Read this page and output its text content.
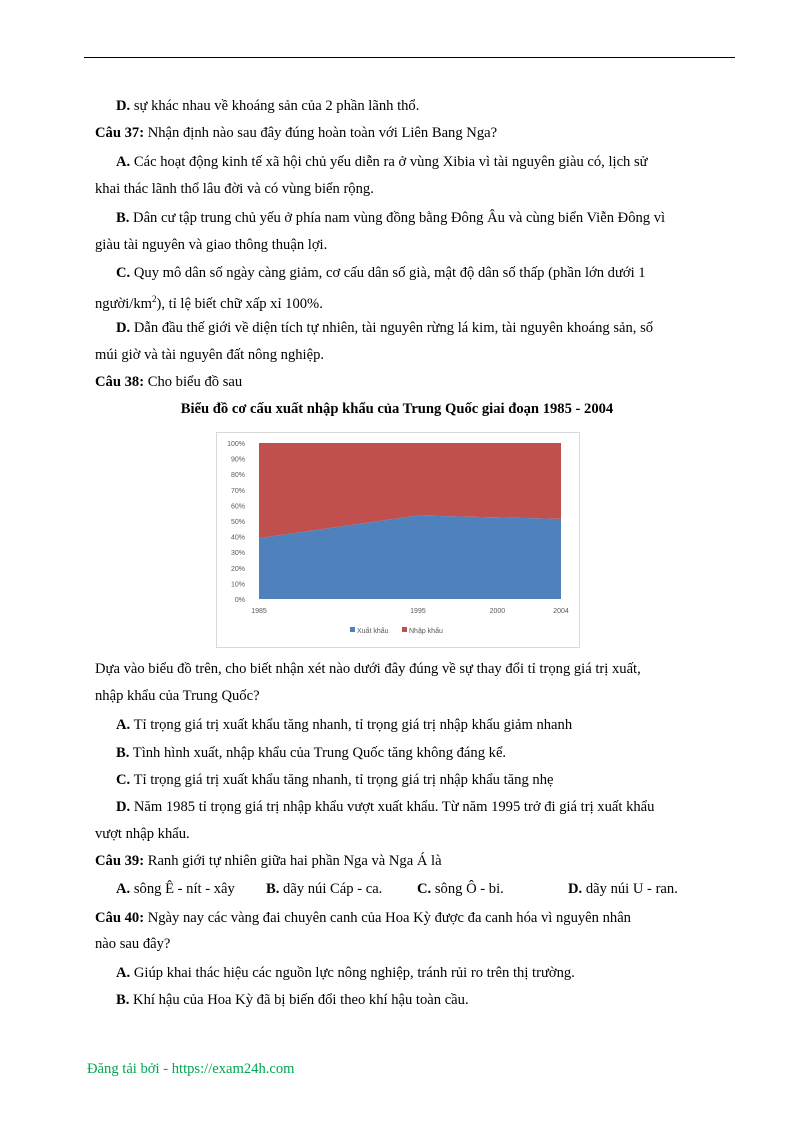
D. sự khác nhau về khoáng sản của 2 phần lãnh thổ.
Câu 37: Nhận định nào sau đây đúng hoàn toàn với Liên Bang Nga?
A. Các hoạt động kinh tế xã hội chủ yếu diễn ra ở vùng Xibia vì tài nguyên giàu có, lịch sử
khai thác lãnh thổ lâu đời và có vùng biển rộng.
B. Dân cư tập trung chủ yếu ở phía nam vùng đồng bằng Đông Âu và cùng biển Viễn Đông vì
giàu tài nguyên và giao thông thuận lợi.
C. Quy mô dân số ngày càng giảm, cơ cấu dân số già, mật độ dân số thấp (phần lớn dưới 1
người/$km^2$), tỉ lệ biết chữ xấp xỉ 100%.
D. Dẫn đầu thế giới về diện tích tự nhiên, tài nguyên rừng lá kim, tài nguyên khoáng sản, số
múi giờ và tài nguyên đất nông nghiệp.
Câu 38: Cho biểu đồ sau
Biểu đồ cơ cấu xuất nhập khẩu của Trung Quốc giai đoạn 1985 - 2004
0%
10%
20%
30%
40%
50%
60%
70%
80%
90%
100%
1985	1995	2000	2004
Xuất khẩu	Nhập khẩu
Dựa vào biểu đồ trên, cho biết nhận xét nào dưới đây đúng về sự thay đổi tỉ trọng giá trị xuất,
nhập khẩu của Trung Quốc?
A. Tỉ trọng giá trị xuất khẩu tăng nhanh, tỉ trọng giá trị nhập khẩu giảm nhanh
B. Tình hình xuất, nhập khẩu của Trung Quốc tăng không đáng kể.
C. Tỉ trọng giá trị xuất khẩu tăng nhanh, tỉ trọng giá trị nhập khẩu tăng nhẹ
D. Năm 1985 tỉ trọng giá trị nhập khẩu vượt xuất khẩu. Từ năm 1995 trở đi giá trị xuất khẩu
vượt nhập khẩu.
Câu 39: Ranh giới tự nhiên giữa hai phần Nga và Nga Á là
A. sông Ê - nít - xây B. dãy núi Cáp - ca. C. sông Ô - bi.	D. dãy núi U - ran.
Câu 40: Ngày nay các vàng đai chuyên canh của Hoa Kỳ được đa canh hóa vì nguyên nhân
nào sau đây?
A. Giúp khai thác hiệu các nguồn lực nông nghiệp, tránh rủi ro trên thị trường.
B. Khí hậu của Hoa Kỳ đã bị biến đổi theo khí hậu toàn cầu.
Đăng tải bởi - https://exam24h.com
